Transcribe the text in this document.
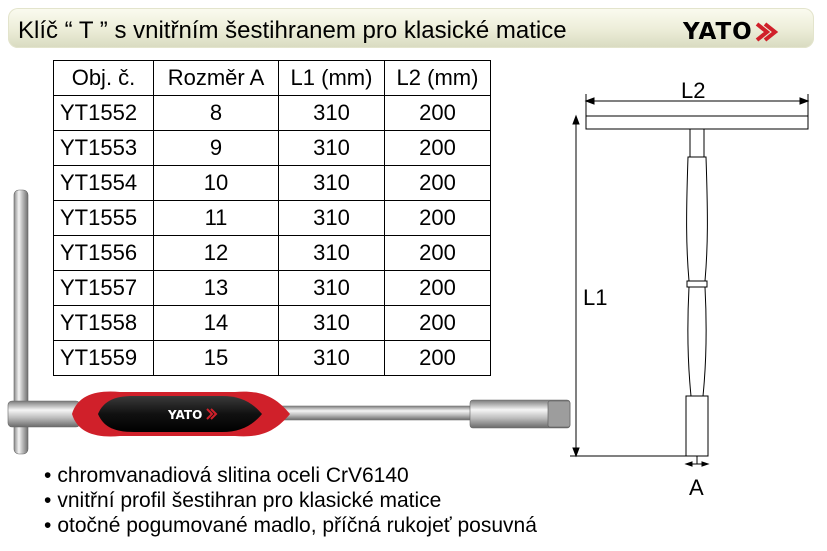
Klíč “ T ” s vnitřním šestihranem pro klasické matice	YATO
Obj. č.	Rozměr A	L1 (mm)	L2 (mm)
YT1552	8	310	200
YT1553	9	310	200
YT1554	10	310	200
YT1555	11	310	200
YT1556	12	310	200
YT1557	13	310	200
YT1558	14	310	200
YT1559	15	310	200
YATO
L2
L1
A
• chromvanadiová slitina oceli CrV6140
• vnitřní profil šestihran pro klasické matice
• otočné pogumované madlo, příčná rukojeť posuvná
